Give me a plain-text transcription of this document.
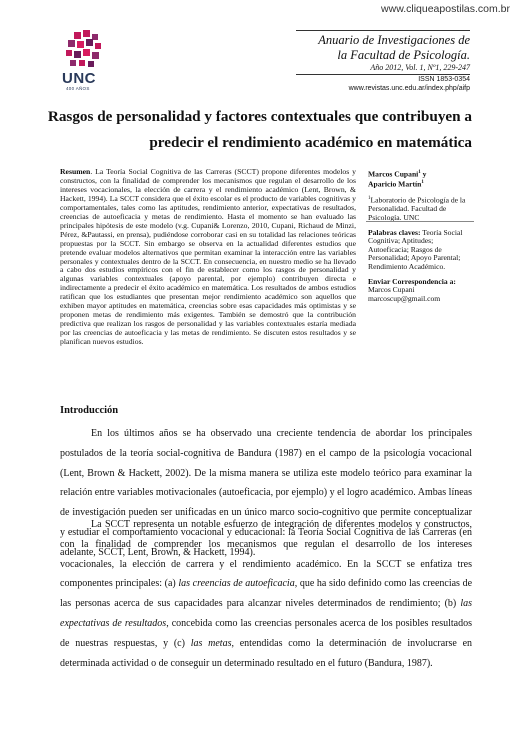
www.cliqueapostilas.com.br
UNC
400 AÑOS
Anuario de Investigaciones de
la Facultad de Psicología.
Año 2012, Vol. 1, Nº1, 229-247
ISSN 1853-0354
www.revistas.unc.edu.ar/index.php/aifp
Rasgos de personalidad y factores contextuales que contribuyen a
predecir el rendimiento académico en matemática
Resumen. La Teoría Social Cognitiva de las Carreras (SCCT) propone diferentes modelos y constructos, con la finalidad de comprender los mecanismos que regulan el desarrollo de los intereses vocacionales, la elección de carrera y el rendimiento académico (Lent, Brown, & Hackett, 1994). La SCCT considera que el éxito escolar es el producto de variables cognitivas y comportamentales, tales como las aptitudes, rendimiento anterior, expectativas de resultados, creencias de autoeficacia y metas de rendimiento. Hasta el momento se han evaluado las principales hipótesis de este modelo (v.g. Cupani& Lorenzo, 2010, Cupani, Richaud de Minzi, Pérez, &Pautassi, en prensa), pudiéndose corroborar casi en su totalidad las relaciones teóricas propuestas por la SCCT. Sin embargo se observa en la actualidad diferentes estudios que pretende evaluar modelos alternativos que permitan examinar la interacción entre las variables personales y contextuales dentro de la SCCT. En consecuencia, en nuestro medio se ha llevado a cabo dos estudios empíricos con el fin de establecer como los rasgos de personalidad y algunas variables contextuales (apoyo parental, por ejemplo) contribuyen directa e indirectamente a predecir el éxito académico en matemática. Los resultados de ambos estudios ratifican que los estudiantes que presentan mejor rendimiento académico son aquellos que exhiben mayor aptitudes en matemática, creencias sobre esas capacidades más optimistas y se proponen metas de rendimiento más exigentes. También se demostró que la contribución predictiva que realizan los rasgos de personalidad y las variables contextuales estaría mediada por las creencias de autoeficacia y las metas de rendimiento. Se discuten estos resultados y se planifican nuevos estudios.
Marcos Cupani$^1$ y
Aparicio Martín$^1$
$^1$Laboratorio de Psicología de la Personalidad. Facultad de Psicología. UNC
Palabras claves: Teoría Social Cognitiva; Aptitudes; Autoeficacia; Rasgos de Personalidad; Apoyo Parental; Rendimiento Académico.
Enviar Correspondencia a:
Marcos Cupani
marcoscup@gmail.com
Introducción
En los últimos años se ha observado una creciente tendencia de abordar los principales postulados de la teoría social-cognitiva de Bandura (1987) en el campo de la psicología vocacional (Lent, Brown & Hackett, 2002). De la misma manera se utiliza este modelo teórico para examinar la relación entre variables motivacionales (autoeficacia, por ejemplo) y el logro académico. Ambas líneas de investigación pueden ser unificadas en un único marco socio-cognitivo que permite conceptualizar y estudiar el comportamiento vocacional y educacional: la Teoría Social Cognitiva de las Carreras (en adelante, SCCT, Lent, Brown, & Hackett, 1994).
La SCCT representa un notable esfuerzo de integración de diferentes modelos y constructos, con la finalidad de comprender los mecanismos que regulan el desarrollo de los intereses vocacionales, la elección de carrera y el rendimiento académico. En la SCCT se enfatiza tres componentes principales: (a) las creencias de autoeficacia, que ha sido definido como las creencias de las personas acerca de sus capacidades para alcanzar niveles determinados de rendimiento; (b) las expectativas de resultados, concebida como las creencias personales acerca de los posibles resultados de nuestras respuestas, y (c) las metas, entendidas como la determinación de involucrarse en determinada actividad o de conseguir un determinado resultado en el futuro (Bandura, 1987).
